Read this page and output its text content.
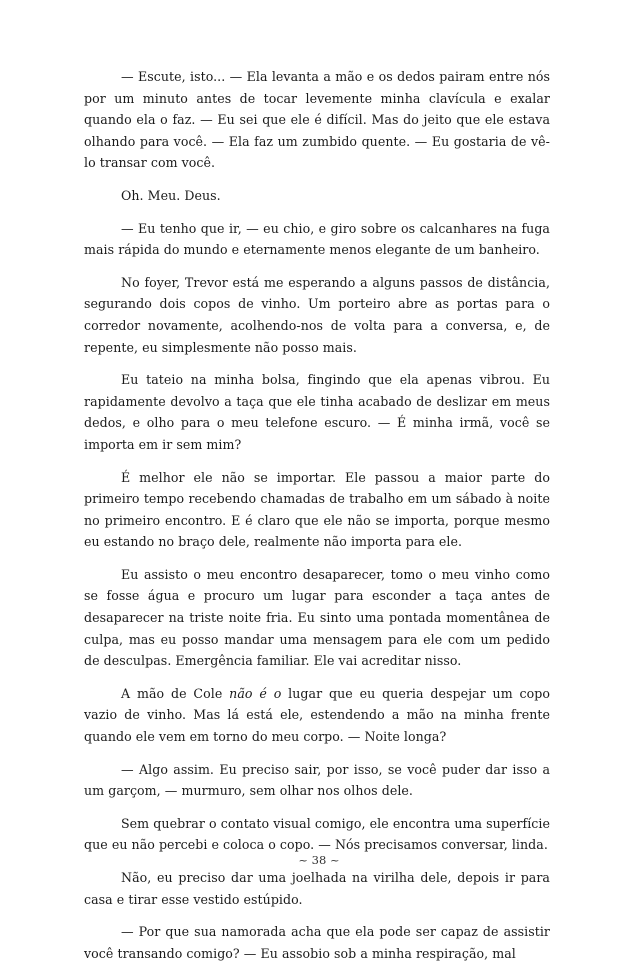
— Escute, isto... — Ela levanta a mão e os dedos pairam entre nós por um minuto antes de tocar levemente minha clavícula e exalar quando ela o faz. — Eu sei que ele é difícil. Mas do jeito que ele estava olhando para você. — Ela faz um zumbido quente. — Eu gostaria de vê-lo transar com você.

Oh. Meu. Deus.

— Eu tenho que ir, — eu chio, e giro sobre os calcanhares na fuga mais rápida do mundo e eternamente menos elegante de um banheiro.

No foyer, Trevor está me esperando a alguns passos de distância, segurando dois copos de vinho. Um porteiro abre as portas para o corredor novamente, acolhendo-nos de volta para a conversa, e, de repente, eu simplesmente não posso mais.

Eu tateio na minha bolsa, fingindo que ela apenas vibrou. Eu rapidamente devolvo a taça que ele tinha acabado de deslizar em meus dedos, e olho para o meu telefone escuro. — É minha irmã, você se importa em ir sem mim?

É melhor ele não se importar. Ele passou a maior parte do primeiro tempo recebendo chamadas de trabalho em um sábado à noite no primeiro encontro. E é claro que ele não se importa, porque mesmo eu estando no braço dele, realmente não importa para ele.

Eu assisto o meu encontro desaparecer, tomo o meu vinho como se fosse água e procuro um lugar para esconder a taça antes de desaparecer na triste noite fria. Eu sinto uma pontada momentânea de culpa, mas eu posso mandar uma mensagem para ele com um pedido de desculpas. Emergência familiar. Ele vai acreditar nisso.

A mão de Cole não é o lugar que eu queria despejar um copo vazio de vinho. Mas lá está ele, estendendo a mão na minha frente quando ele vem em torno do meu corpo. — Noite longa?

— Algo assim. Eu preciso sair, por isso, se você puder dar isso a um garçom, — murmuro, sem olhar nos olhos dele.

Sem quebrar o contato visual comigo, ele encontra uma superfície que eu não percebi e coloca o copo. — Nós precisamos conversar, linda.

Não, eu preciso dar uma joelhada na virilha dele, depois ir para casa e tirar esse vestido estúpido.

— Por que sua namorada acha que ela pode ser capaz de assistir você transando comigo? — Eu assobio sob a minha respiração, mal

~ 38 ~
